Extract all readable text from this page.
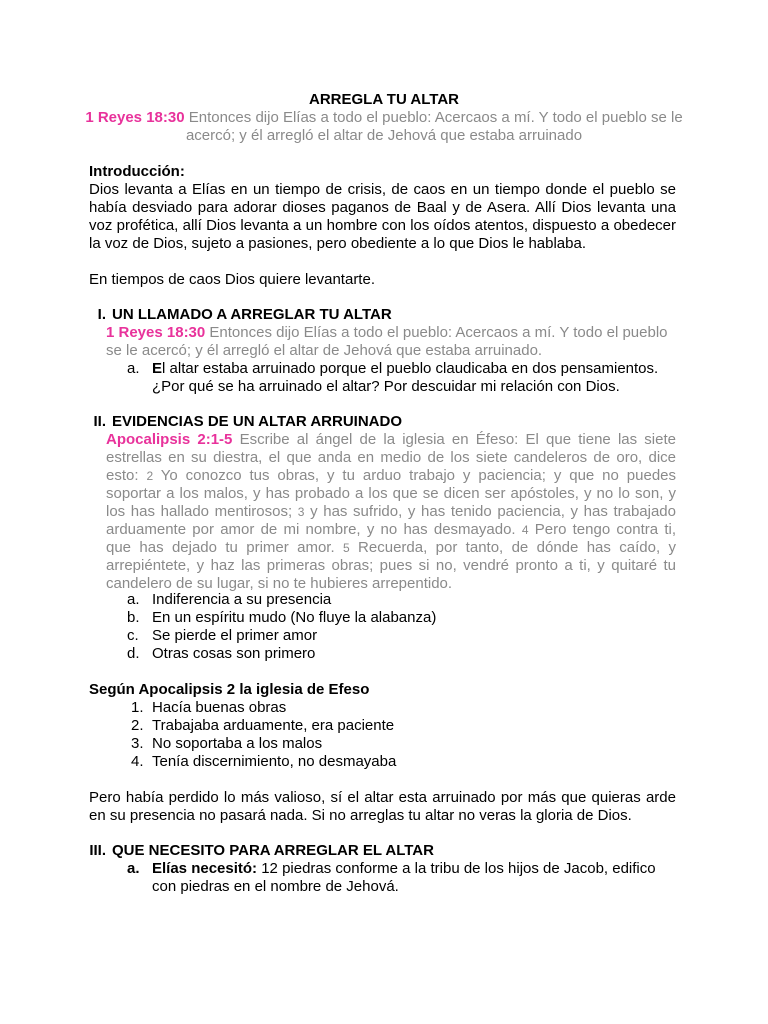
ARREGLA TU ALTAR
1 Reyes 18:30 Entonces dijo Elías a todo el pueblo: Acercaos a mí. Y todo el pueblo se le acercó; y él arregló el altar de Jehová que estaba arruinado
Introducción:
Dios levanta a Elías en un tiempo de crisis, de caos en un tiempo donde el pueblo se había desviado para adorar dioses paganos de Baal y de Asera. Allí Dios levanta una voz profética, allí Dios levanta a un hombre con los oídos atentos, dispuesto a obedecer la voz de Dios, sujeto a pasiones, pero obediente a lo que Dios le hablaba.
En tiempos de caos Dios quiere levantarte.
I. UN LLAMADO A ARREGLAR TU ALTAR
1 Reyes 18:30 Entonces dijo Elías a todo el pueblo: Acercaos a mí. Y todo el pueblo se le acercó; y él arregló el altar de Jehová que estaba arruinado.
a. El altar estaba arruinado porque el pueblo claudicaba en dos pensamientos. ¿Por qué se ha arruinado el altar? Por descuidar mi relación con Dios.
II. EVIDENCIAS DE UN ALTAR ARRUINADO
Apocalipsis 2:1-5 Escribe al ángel de la iglesia en Éfeso: El que tiene las siete estrellas en su diestra, el que anda en medio de los siete candeleros de oro, dice esto: 2 Yo conozco tus obras, y tu arduo trabajo y paciencia; y que no puedes soportar a los malos, y has probado a los que se dicen ser apóstoles, y no lo son, y los has hallado mentirosos; 3 y has sufrido, y has tenido paciencia, y has trabajado arduamente por amor de mi nombre, y no has desmayado. 4 Pero tengo contra ti, que has dejado tu primer amor. 5 Recuerda, por tanto, de dónde has caído, y arrepiéntete, y haz las primeras obras; pues si no, vendré pronto a ti, y quitaré tu candelero de su lugar, si no te hubieres arrepentido.
a. Indiferencia a su presencia
b. En un espíritu mudo (No fluye la alabanza)
c. Se pierde el primer amor
d. Otras cosas son primero
Según Apocalipsis 2 la iglesia de Efeso
1. Hacía buenas obras
2. Trabajaba arduamente, era paciente
3. No soportaba a los malos
4. Tenía discernimiento, no desmayaba
Pero había perdido lo más valioso, sí el altar esta arruinado por más que quieras arde en su presencia no pasará nada. Si no arreglas tu altar no veras la gloria de Dios.
III. QUE NECESITO PARA ARREGLAR EL ALTAR
a. Elías necesitó: 12 piedras conforme a la tribu de los hijos de Jacob, edifico con piedras en el nombre de Jehová.
